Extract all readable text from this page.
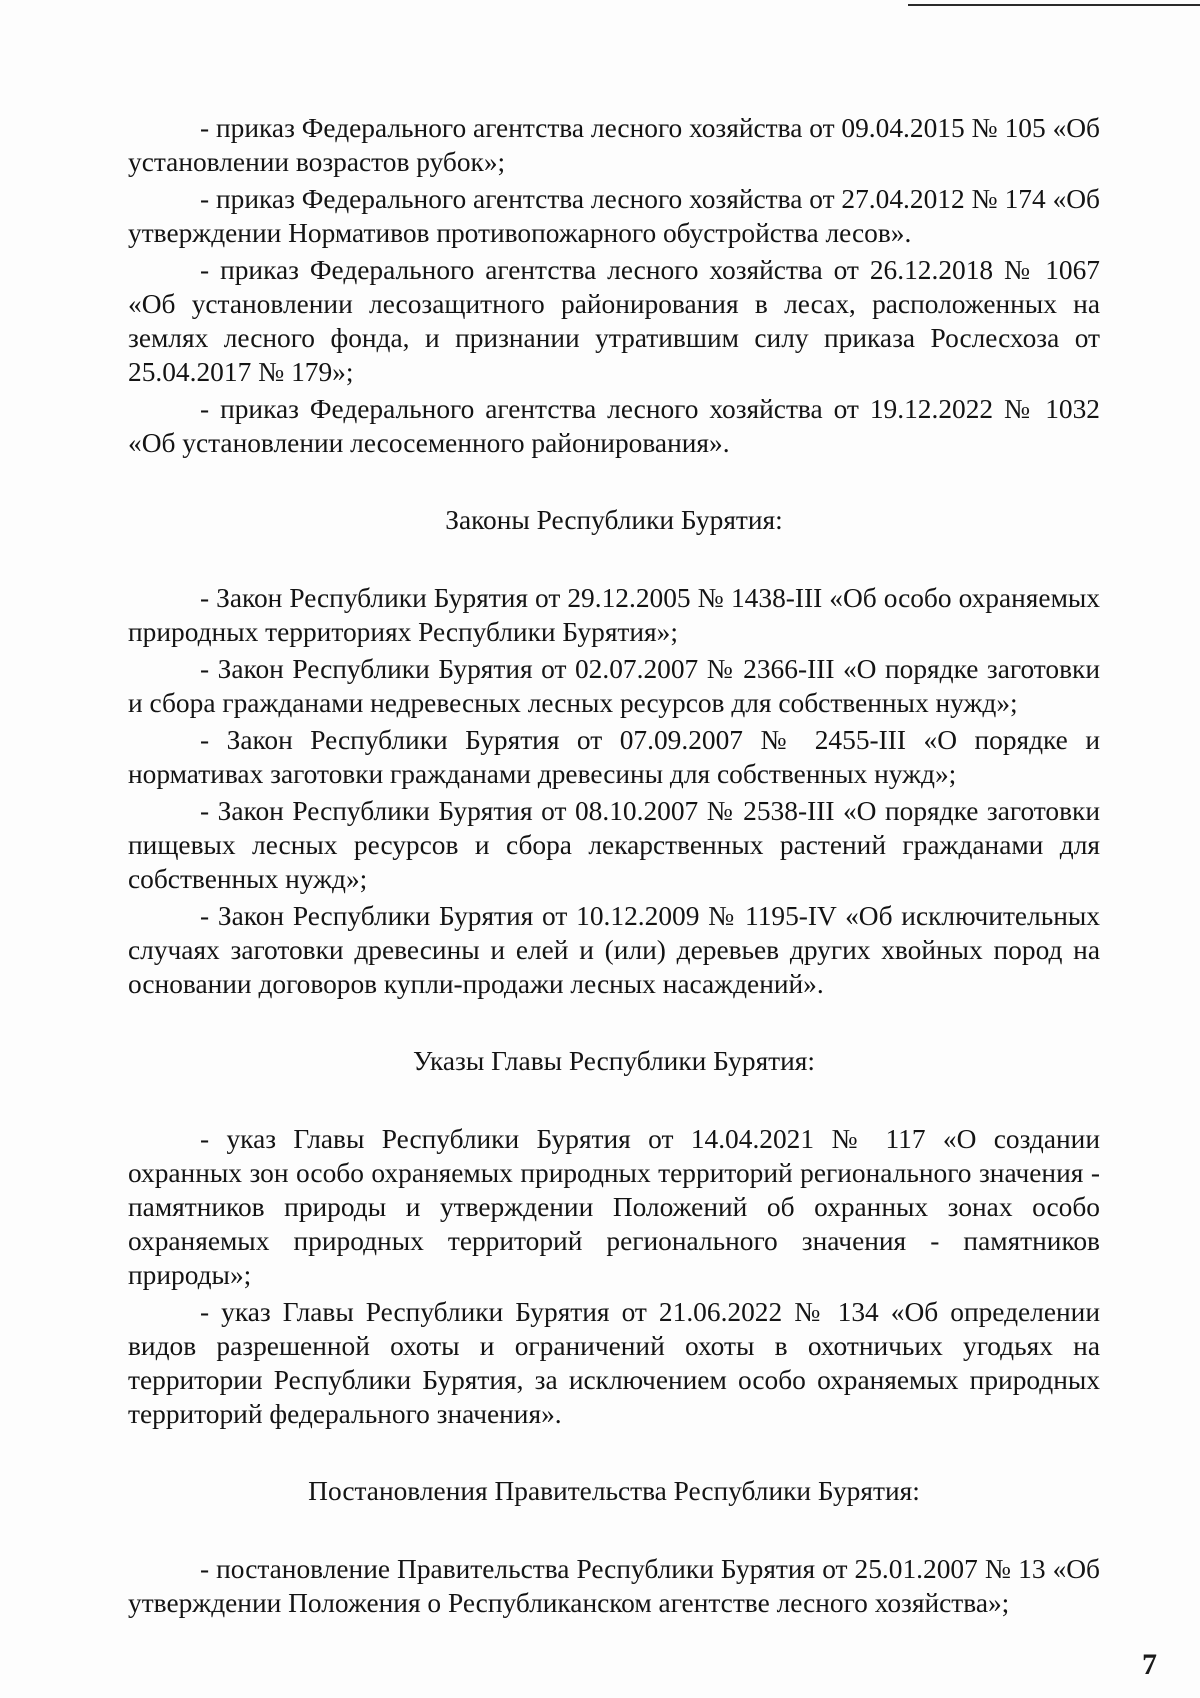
- приказ Федерального агентства лесного хозяйства от 09.04.2015 № 105 «Об установлении возрастов рубок»;

- приказ Федерального агентства лесного хозяйства от 27.04.2012 № 174 «Об утверждении Нормативов противопожарного обустройства лесов».

- приказ Федерального агентства лесного хозяйства от 26.12.2018 № 1067 «Об установлении лесозащитного районирования в лесах, расположенных на землях лесного фонда, и признании утратившим силу приказа Рослесхоза от 25.04.2017 № 179»;

- приказ Федерального агентства лесного хозяйства от 19.12.2022 № 1032 «Об установлении лесосеменного районирования».

Законы Республики Бурятия:

- Закон Республики Бурятия от 29.12.2005 № 1438-III «Об особо охраняемых природных территориях Республики Бурятия»;

- Закон Республики Бурятия от 02.07.2007 № 2366-III «О порядке заготовки и сбора гражданами недревесных лесных ресурсов для собственных нужд»;

- Закон Республики Бурятия от 07.09.2007 № 2455-III «О порядке и нормативах заготовки гражданами древесины для собственных нужд»;

- Закон Республики Бурятия от 08.10.2007 № 2538-III «О порядке заготовки пищевых лесных ресурсов и сбора лекарственных растений гражданами для собственных нужд»;

- Закон Республики Бурятия от 10.12.2009 № 1195-IV «Об исключительных случаях заготовки древесины и елей и (или) деревьев других хвойных пород на основании договоров купли-продажи лесных насаждений».

Указы Главы Республики Бурятия:

- указ Главы Республики Бурятия от 14.04.2021 № 117 «О создании охранных зон особо охраняемых природных территорий регионального значения - памятников природы и утверждении Положений об охранных зонах особо охраняемых природных территорий регионального значения - памятников природы»;

- указ Главы Республики Бурятия от 21.06.2022 № 134 «Об определении видов разрешенной охоты и ограничений охоты в охотничьих угодьях на территории Республики Бурятия, за исключением особо охраняемых природных территорий федерального значения».

Постановления Правительства Республики Бурятия:

- постановление Правительства Республики Бурятия от 25.01.2007 № 13 «Об утверждении Положения о Республиканском агентстве лесного хозяйства»;

7
